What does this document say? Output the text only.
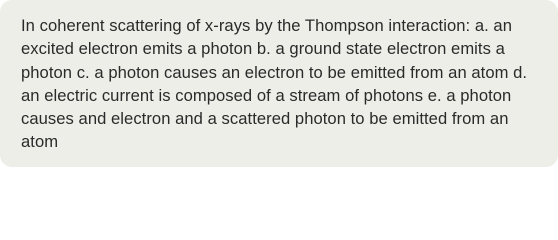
In coherent scattering of x-rays by the Thompson interaction: a. an excited electron emits a photon b. a ground state electron emits a photon c. a photon causes an electron to be emitted from an atom d. an electric current is composed of a stream of photons e. a photon causes and electron and a scattered photon to be emitted from an atom
